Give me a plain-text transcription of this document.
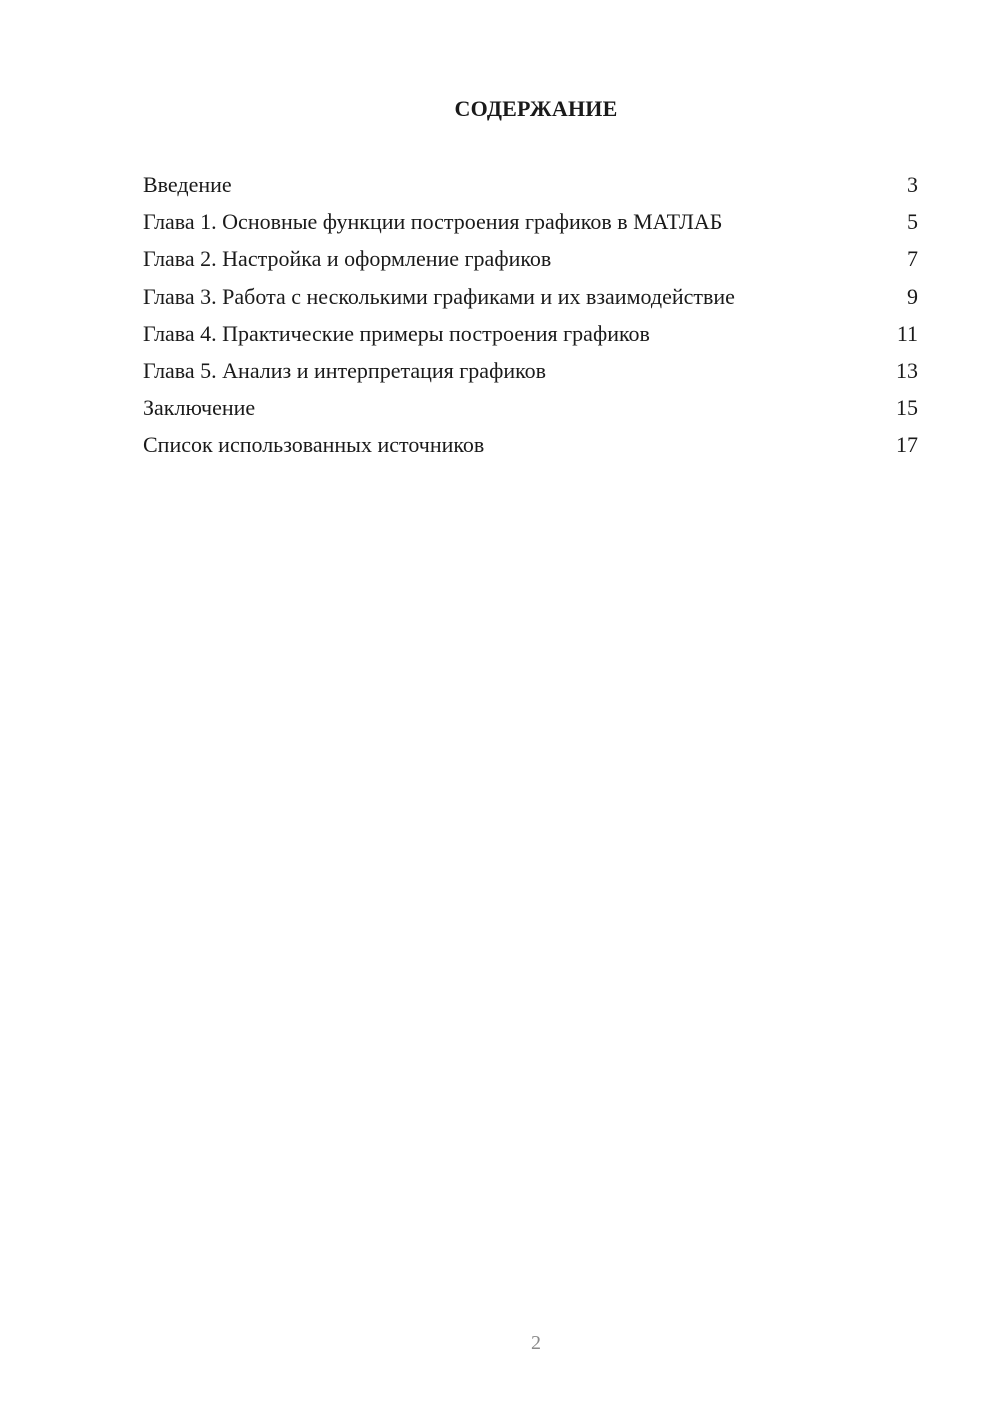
СОДЕРЖАНИЕ
Введение	3
Глава 1. Основные функции построения графиков в МАТЛАБ	5
Глава 2. Настройка и оформление графиков	7
Глава 3. Работа с несколькими графиками и их взаимодействие	9
Глава 4. Практические примеры построения графиков	11
Глава 5. Анализ и интерпретация графиков	13
Заключение	15
Список использованных источников	17
2
